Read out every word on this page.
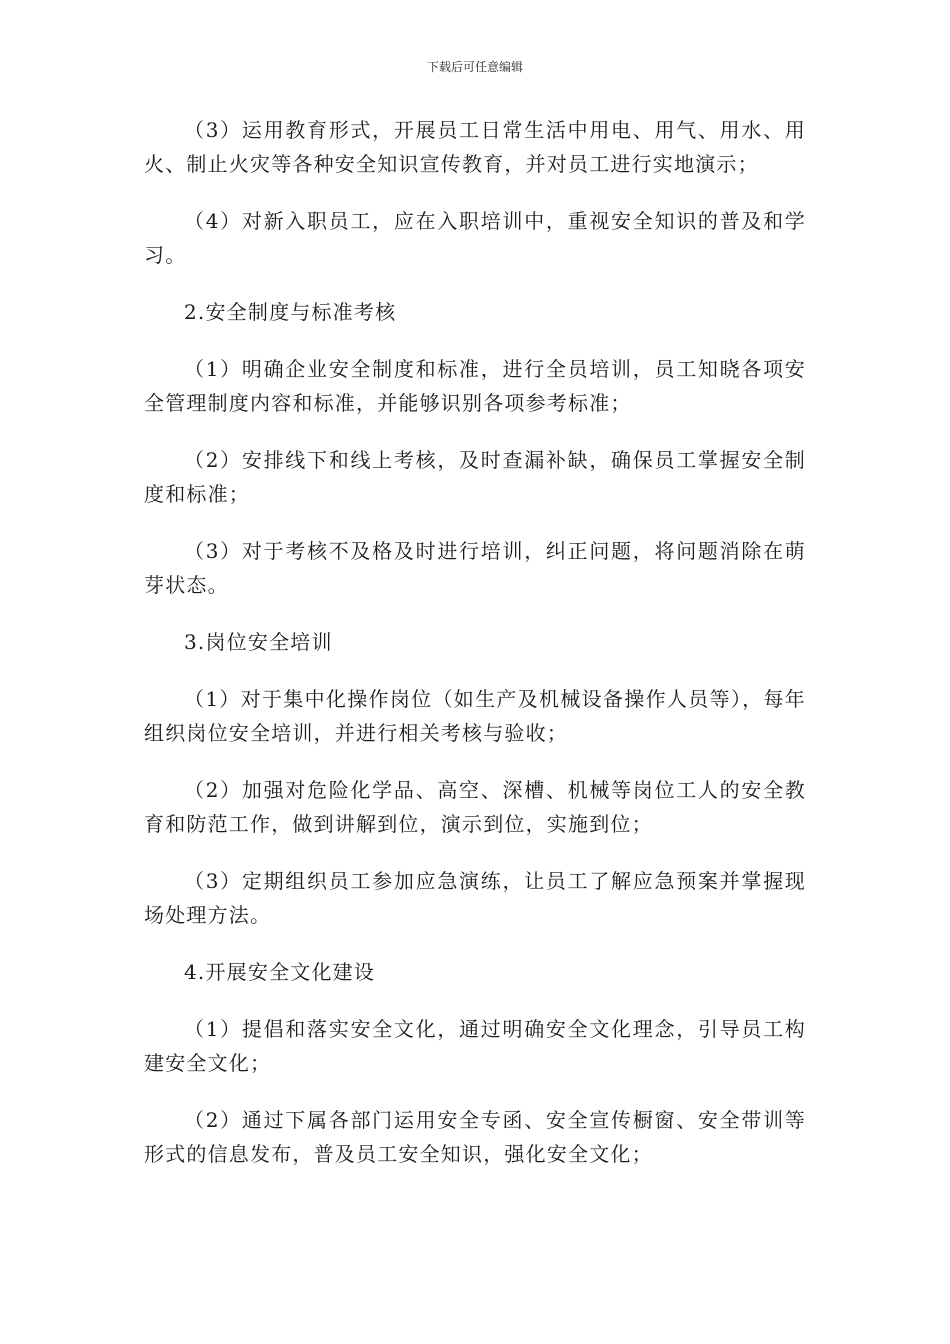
下载后可任意编辑

（3）运用教育形式，开展员工日常生活中用电、用气、用水、用火、制止火灾等各种安全知识宣传教育，并对员工进行实地演示；

（4）对新入职员工，应在入职培训中，重视安全知识的普及和学习。

2.安全制度与标准考核

（1）明确企业安全制度和标准，进行全员培训，员工知晓各项安全管理制度内容和标准，并能够识别各项参考标准；

（2）安排线下和线上考核，及时查漏补缺，确保员工掌握安全制度和标准；

（3）对于考核不及格及时进行培训，纠正问题，将问题消除在萌芽状态。

3.岗位安全培训

（1）对于集中化操作岗位（如生产及机械设备操作人员等），每年组织岗位安全培训，并进行相关考核与验收；

（2）加强对危险化学品、高空、深槽、机械等岗位工人的安全教育和防范工作，做到讲解到位，演示到位，实施到位；

（3）定期组织员工参加应急演练，让员工了解应急预案并掌握现场处理方法。

4.开展安全文化建设

（1）提倡和落实安全文化，通过明确安全文化理念，引导员工构建安全文化；

（2）通过下属各部门运用安全专函、安全宣传橱窗、安全带训等形式的信息发布，普及员工安全知识，强化安全文化；
